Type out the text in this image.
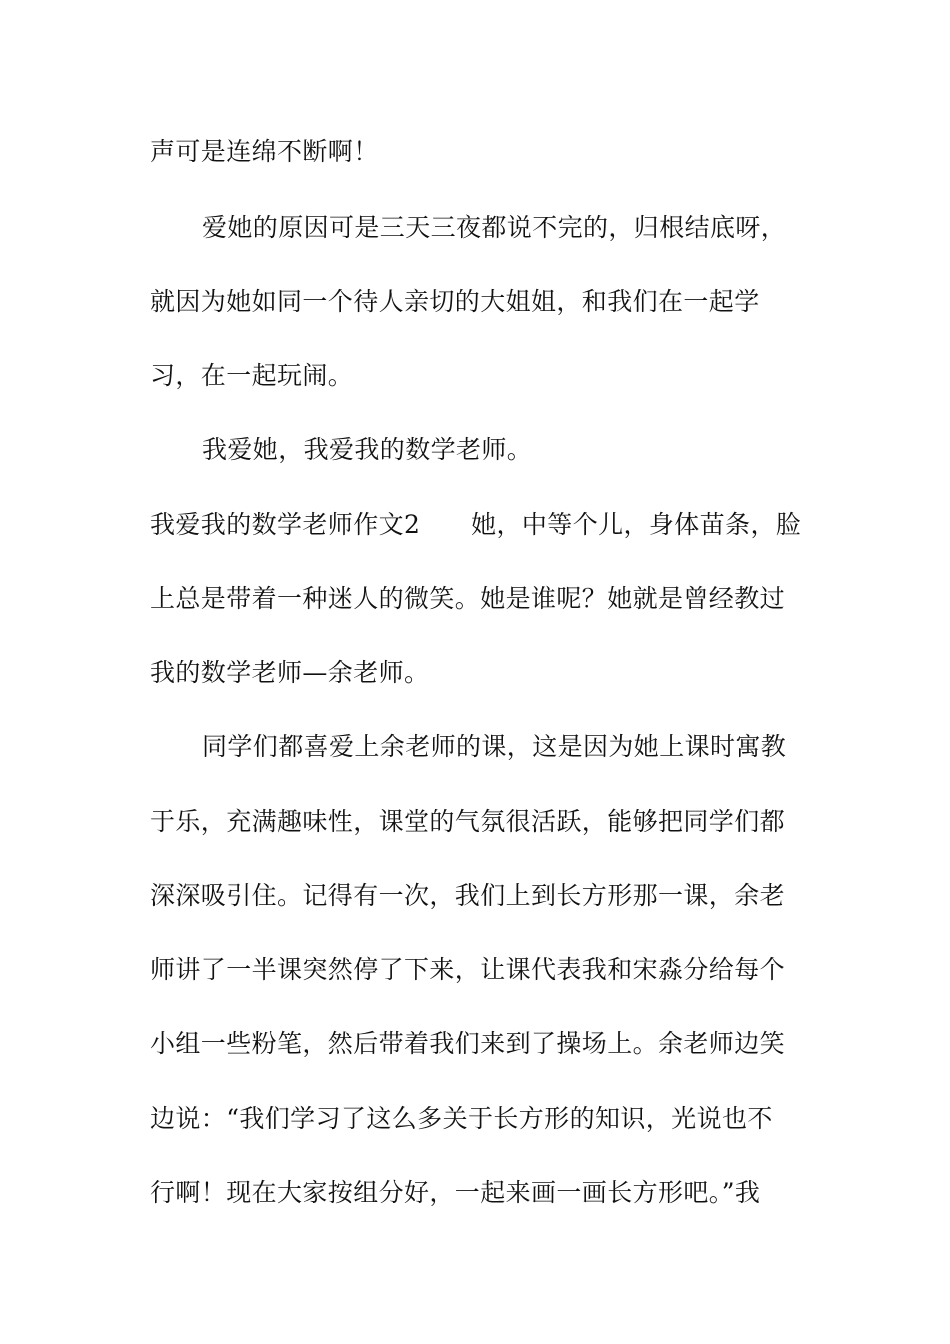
声可是连绵不断啊！
爱她的原因可是三天三夜都说不完的，归根结底呀，
就因为她如同一个待人亲切的大姐姐，和我们在一起学
习，在一起玩闹。
我爱她，我爱我的数学老师。
我爱我的数学老师作文2　　她，中等个儿，身体苗条，脸
上总是带着一种迷人的微笑。她是谁呢？她就是曾经教过
我的数学老师—余老师。
同学们都喜爱上余老师的课，这是因为她上课时寓教
于乐，充满趣味性，课堂的气氛很活跃，能够把同学们都
深深吸引住。记得有一次，我们上到长方形那一课，余老
师讲了一半课突然停了下来，让课代表我和宋淼分给每个
小组一些粉笔，然后带着我们来到了操场上。余老师边笑
边说：“我们学习了这么多关于长方形的知识，光说也不
行啊！现在大家按组分好，一起来画一画长方形吧。”我
